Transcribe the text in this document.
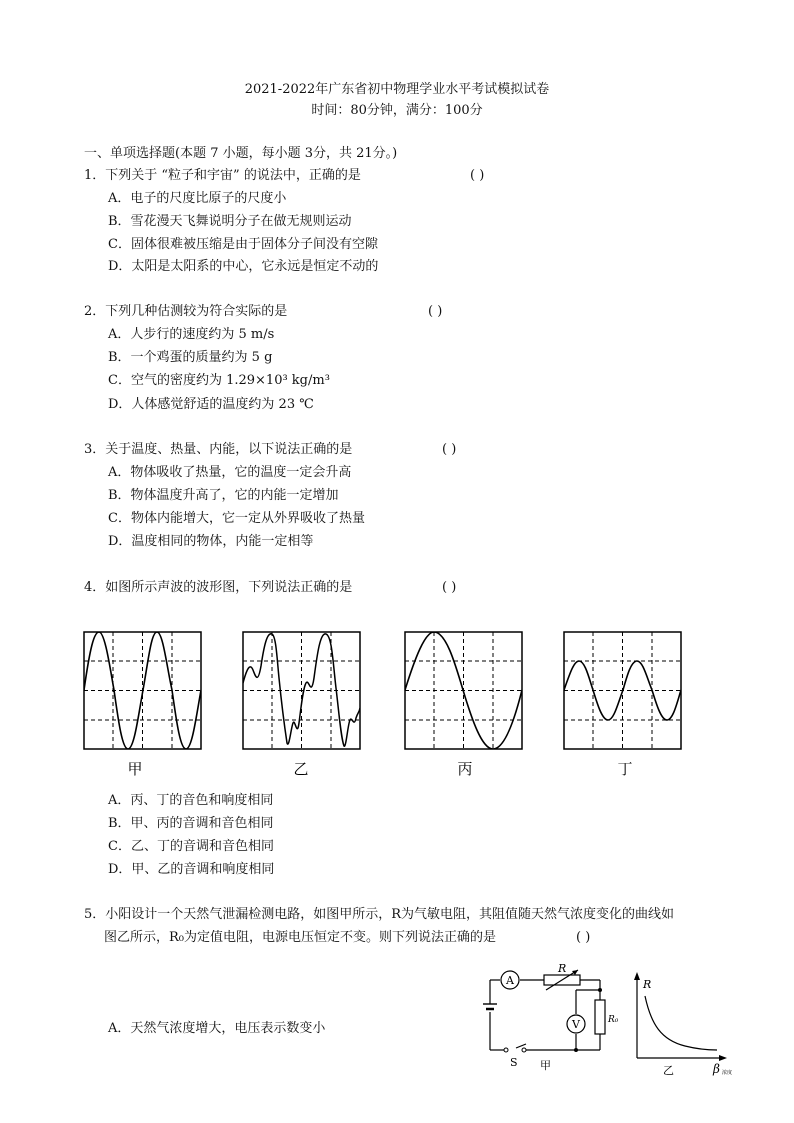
2021-2022年广东省初中物理学业水平考试模拟试卷
时间：80分钟，满分：100分
一、单项选择题(本题 7 小题，每小题 3分，共 21分。)
1．下列关于 “粒子和宇宙” 的说法中，正确的是	( )
A．电子的尺度比原子的尺度小
B．雪花漫天飞舞说明分子在做无规则运动
C．固体很难被压缩是由于固体分子间没有空隙
D．太阳是太阳系的中心，它永远是恒定不动的
2．下列几种估测较为符合实际的是	( )
A．人步行的速度约为 5 m/s
B．一个鸡蛋的质量约为 5 g
C．空气的密度约为 1.29×10³ kg/m³
D．人体感觉舒适的温度约为 23 ℃
3．关于温度、热量、内能，以下说法正确的是	( )
A．物体吸收了热量，它的温度一定会升高
B．物体温度升高了，它的内能一定增加
C．物体内能增大，它一定从外界吸收了热量
D．温度相同的物体，内能一定相等
4．如图所示声波的波形图，下列说法正确的是	( )
甲	乙	丙	丁
A．丙、丁的音色和响度相同
B．甲、丙的音调和音色相同
C．乙、丁的音调和音色相同
D．甲、乙的音调和响度相同
5．小阳设计一个天然气泄漏检测电路，如图甲所示，R为气敏电阻，其阻值随天然气浓度变化的曲线如
图乙所示，R₀为定值电阻，电源电压恒定不变。则下列说法正确的是	( )
A．天然气浓度增大，电压表示数变小
A
V
R
R₀
S 甲
R
β 浓度
乙
